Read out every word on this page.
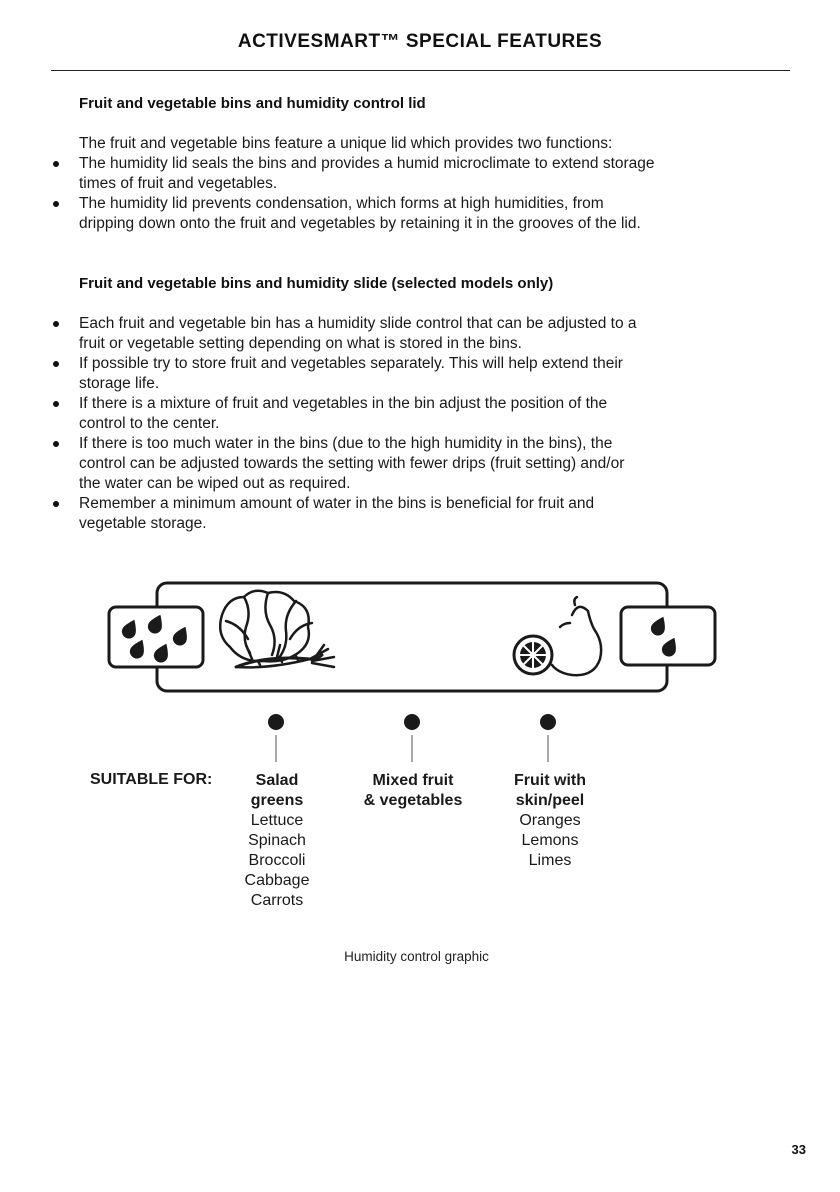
ACTIVESMART™ SPECIAL FEATURES
Fruit and vegetable bins and humidity control lid

The fruit and vegetable bins feature a unique lid which provides two functions:

The humidity lid seals the bins and provides a humid microclimate to extend storage
times of fruit and vegetables.
The humidity lid prevents condensation, which forms at high humidities, from
dripping down onto the fruit and vegetables by retaining it in the grooves of the lid.
Fruit and vegetable bins and humidity slide (selected models only)
Each fruit and vegetable bin has a humidity slide control that can be adjusted to a
fruit or vegetable setting depending on what is stored in the bins.
If possible try to store fruit and vegetables separately. This will help extend their
storage life.
If there is a mixture of fruit and vegetables in the bin adjust the position of the
control to the center.
If there is too much water in the bins (due to the high humidity in the bins), the
control can be adjusted towards the setting with fewer drips (fruit setting) and/or
the water can be wiped out as required.
Remember a minimum amount of water in the bins is beneficial for fruit and
vegetable storage.
SUITABLE FOR:	Salad
greens
Lettuce
Spinach
Broccoli
Cabbage
Carrots
Mixed fruit
& vegetables
Fruit with
skin/peel
Oranges
Lemons
Limes
Humidity control graphic
33
